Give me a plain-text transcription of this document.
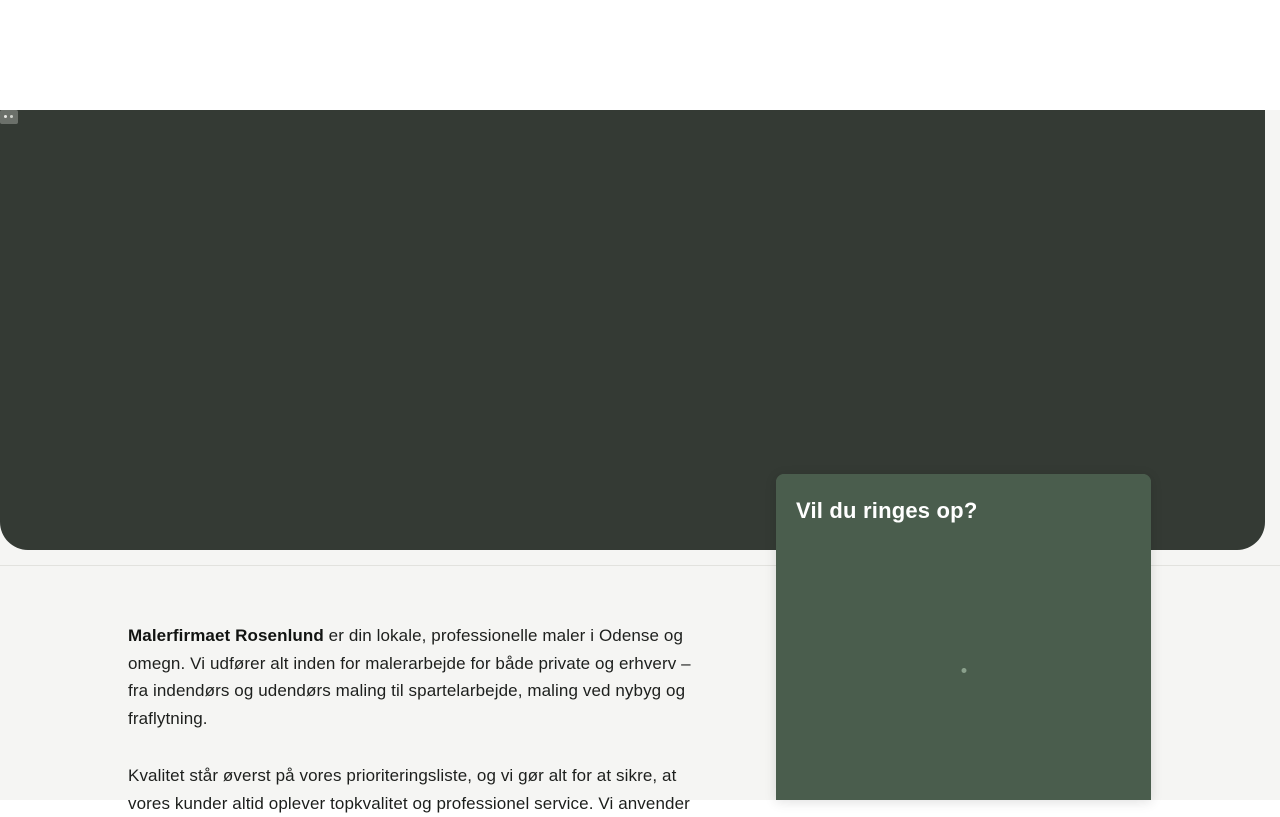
Malerfirmaet Rosenlund er din lokale, professionelle maler i Odense og omegn. Vi udfører alt inden for malerarbejde for både private og erhverv – fra indendørs og udendørs maling til spartelarbejde, maling ved nybyg og fraflytning.

Kvalitet står øverst på vores prioriteringsliste, og vi gør alt for at sikre, at vores kunder altid oplever topkvalitet og professionel service. Vi anvender

Vil du ringes op?
